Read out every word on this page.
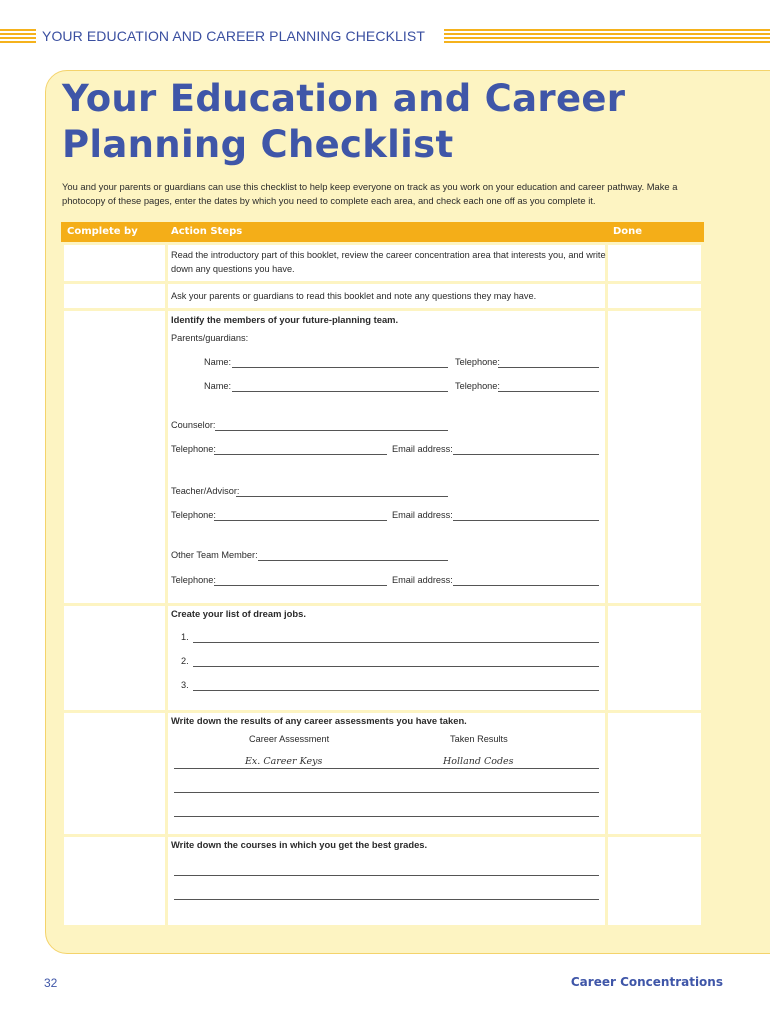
YOUR EDUCATION AND CAREER PLANNING CHECKLIST
Your Education and Career
Planning Checklist
You and your parents or guardians can use this checklist to help keep everyone on track as you work on your education and career pathway. Make a
photocopy of these pages, enter the dates by which you need to complete each area, and check each one off as you complete it.
Complete by	Action Steps	Done
Read the introductory part of this booklet, review the career concentration area that interests you, and write
down any questions you have.
Ask your parents or guardians to read this booklet and note any questions they may have.
Identify the members of your future-planning team.
Parents/guardians:
Name:	Telephone:
Name:	Telephone:
Counselor:
Telephone:	Email address:
Teacher/Advisor:
Telephone:	Email address:
Other Team Member:
Telephone:	Email address:
Create your list of dream jobs.
1.
2.
3.
Write down the results of any career assessments you have taken.
Career Assessment	Taken Results
Ex. Career Keys	Holland Codes
Write down the courses in which you get the best grades.
32	Career Concentrations
